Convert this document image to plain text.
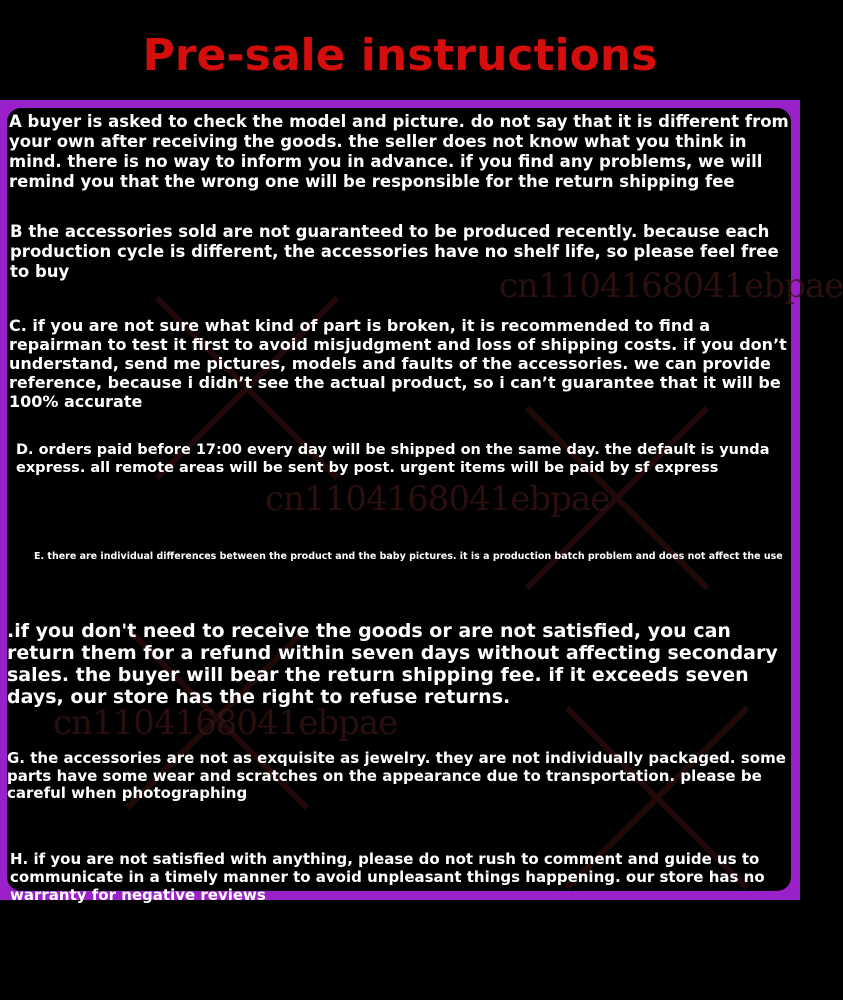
Pre-sale instructions
cn1104168041ebpae
cn1104168041ebpae
cn1104168041ebpae

A buyer is asked to check the model and picture. do not say that it is different from your own after receiving the goods. the seller does not know what you think in mind. there is no way to inform you in advance. if you find any problems, we will remind you that the wrong one will be responsible for the return shipping fee

B the accessories sold are not guaranteed to be produced recently. because each production cycle is different, the accessories have no shelf life, so please feel free to buy

C. if you are not sure what kind of part is broken, it is recommended to find a repairman to test it first to avoid misjudgment and loss of shipping costs. if you don’t understand, send me pictures, models and faults of the accessories. we can provide reference, because i didn’t see the actual product, so i can’t guarantee that it will be 100% accurate

D. orders paid before 17:00 every day will be shipped on the same day. the default is yunda express. all remote areas will be sent by post. urgent items will be paid by sf express

E. there are individual differences between the product and the baby pictures. it is a production batch problem and does not affect the use

.if you don't need to receive the goods or are not satisfied, you can return them for a refund within seven days without affecting secondary sales. the buyer will bear the return shipping fee. if it exceeds seven days, our store has the right to refuse returns.

G. the accessories are not as exquisite as jewelry. they are not individually packaged. some parts have some wear and scratches on the appearance due to transportation. please be careful when photographing

H. if you are not satisfied with anything, please do not rush to comment and guide us to communicate in a timely manner to avoid unpleasant things happening. our store has no warranty for negative reviews
